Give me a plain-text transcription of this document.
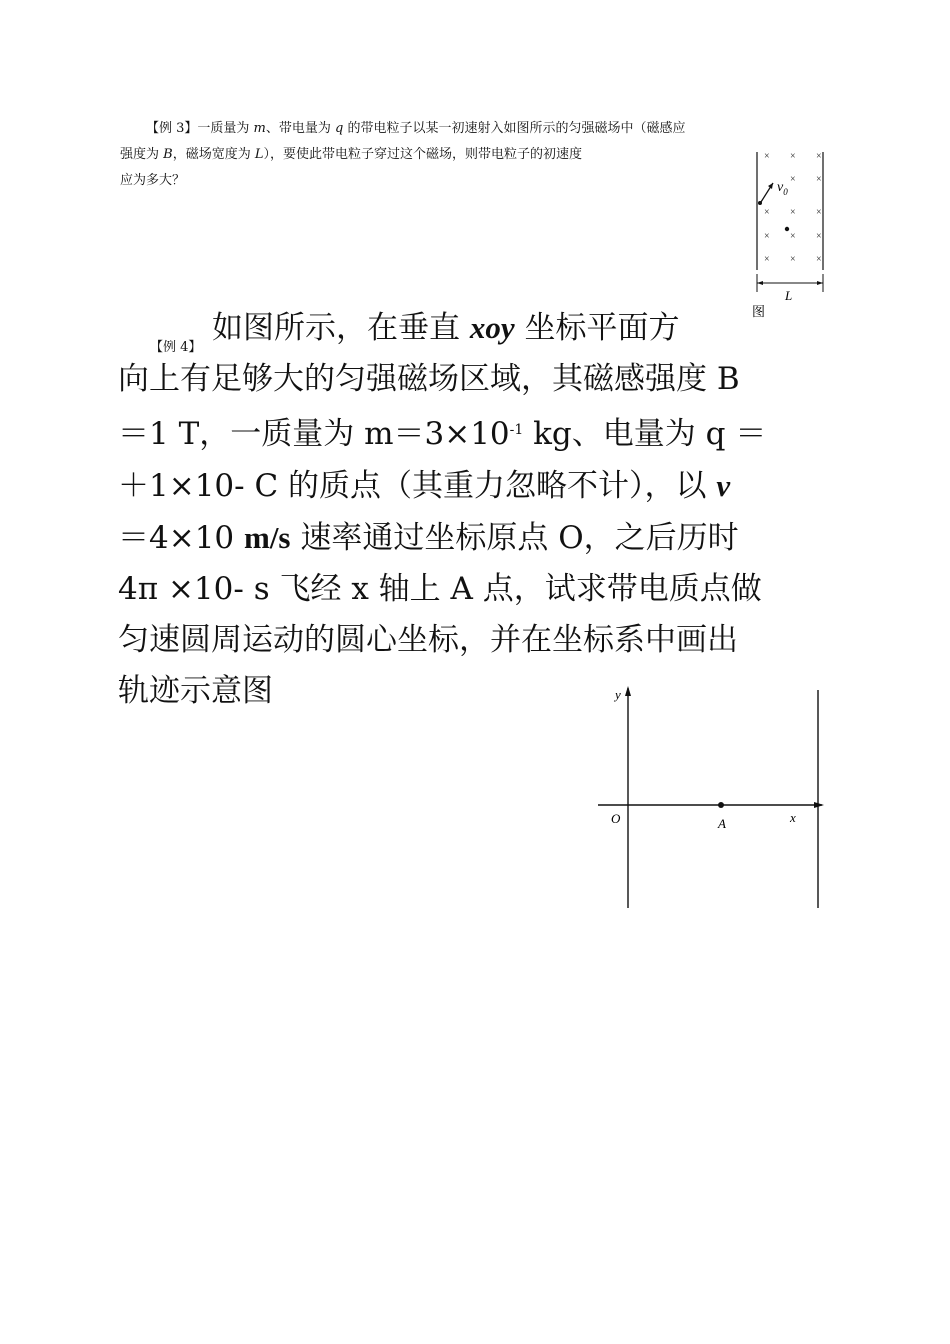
【例 3】一质量为 m、带电量为 q 的带电粒子以某一初速射入如图所示的匀强磁场中（磁感应
强度为 B，磁场宽度为 L），要使此带电粒子穿过这个磁场，则带电粒子的初速度
应为多大？
× × ×
× ×
× × ×
× × ×
× × ×
$v_0$
L
图
【例 4】
如图所示，在垂直 xoy 坐标平面方
向上有足够大的匀强磁场区域，其磁感强度 B
＝1 T，一质量为 $m=3\times 10^{-1}$ kg、电量为 q ＝
＋1×10- C 的质点（其重力忽略不计），以 v
＝4×10 m/s 速率通过坐标原点 O，之后历时
4π ×10- s 飞经 x 轴上 A 点，试求带电质点做
匀速圆周运动的圆心坐标，并在坐标系中画出
轨迹示意图	y
x
O	A
